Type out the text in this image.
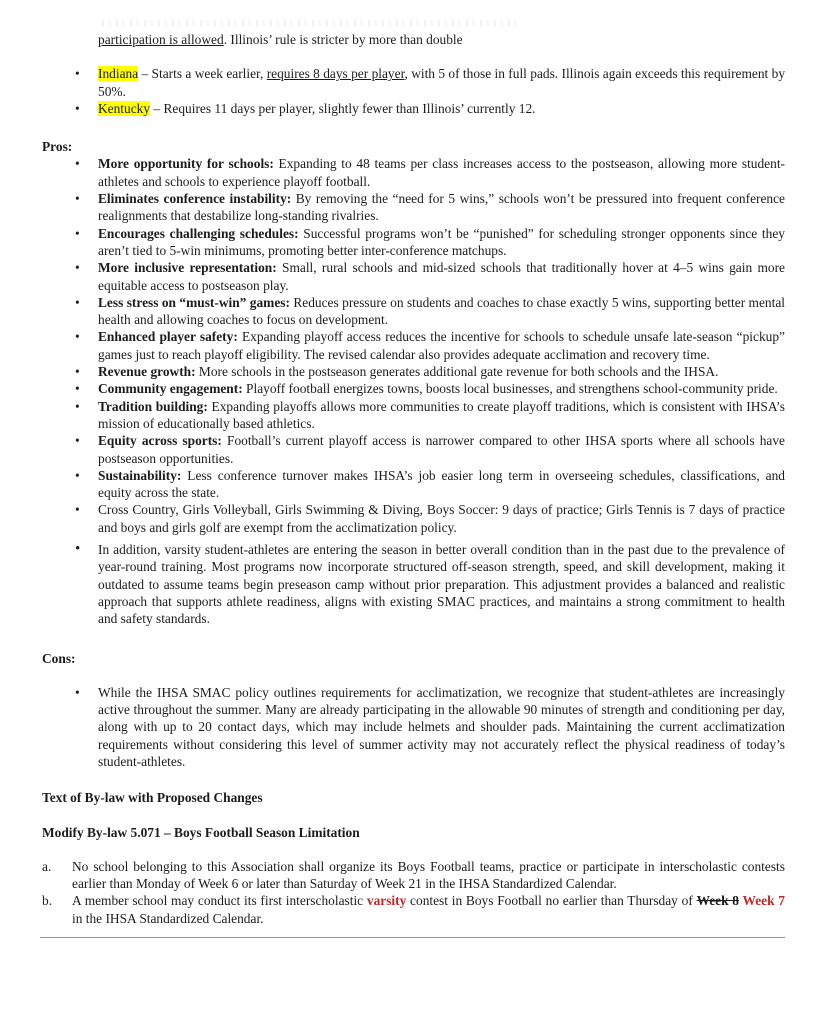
participation is allowed. Illinois’ rule is stricter by more than double

• Indiana – Starts a week earlier, requires 8 days per player, with 5 of those in full pads. Illinois again exceeds this requirement by 50%.
• Kentucky – Requires 11 days per player, slightly fewer than Illinois’ currently 12.

Pros:

• More opportunity for schools: Expanding to 48 teams per class increases access to the postseason, allowing more student-athletes and schools to experience playoff football.
• Eliminates conference instability: By removing the “need for 5 wins,” schools won’t be pressured into frequent conference realignments that destabilize long-standing rivalries.
• Encourages challenging schedules: Successful programs won’t be “punished” for scheduling stronger opponents since they aren’t tied to 5-win minimums, promoting better inter-conference matchups.
• More inclusive representation: Small, rural schools and mid-sized schools that traditionally hover at 4–5 wins gain more equitable access to postseason play.
• Less stress on “must-win” games: Reduces pressure on students and coaches to chase exactly 5 wins, supporting better mental health and allowing coaches to focus on development.
• Enhanced player safety: Expanding playoff access reduces the incentive for schools to schedule unsafe late-season “pickup” games just to reach playoff eligibility. The revised calendar also provides adequate acclimation and recovery time.
• Revenue growth: More schools in the postseason generates additional gate revenue for both schools and the IHSA.
• Community engagement: Playoff football energizes towns, boosts local businesses, and strengthens school-community pride.
• Tradition building: Expanding playoffs allows more communities to create playoff traditions, which is consistent with IHSA’s mission of educationally based athletics.
• Equity across sports: Football’s current playoff access is narrower compared to other IHSA sports where all schools have postseason opportunities.
• Sustainability: Less conference turnover makes IHSA’s job easier long term in overseeing schedules, classifications, and equity across the state.
• Cross Country, Girls Volleyball, Girls Swimming & Diving, Boys Soccer: 9 days of practice; Girls Tennis is 7 days of practice and boys and girls golf are exempt from the acclimatization policy.
• In addition, varsity student-athletes are entering the season in better overall condition than in the past due to the prevalence of year-round training. Most programs now incorporate structured off-season strength, speed, and skill development, making it outdated to assume teams begin preseason camp without prior preparation. This adjustment provides a balanced and realistic approach that supports athlete readiness, aligns with existing SMAC practices, and maintains a strong commitment to health and safety standards.

Cons:

• While the IHSA SMAC policy outlines requirements for acclimatization, we recognize that student-athletes are increasingly active throughout the summer. Many are already participating in the allowable 90 minutes of strength and conditioning per day, along with up to 20 contact days, which may include helmets and shoulder pads. Maintaining the current acclimatization requirements without considering this level of summer activity may not accurately reflect the physical readiness of today’s student-athletes.

Text of By-law with Proposed Changes

Modify By-law 5.071 – Boys Football Season Limitation

a. No school belonging to this Association shall organize its Boys Football teams, practice or participate in interscholastic contests earlier than Monday of Week 6 or later than Saturday of Week 21 in the IHSA Standardized Calendar.
b. A member school may conduct its first interscholastic varsity contest in Boys Football no earlier than Thursday of Week 8 Week 7 in the IHSA Standardized Calendar.
